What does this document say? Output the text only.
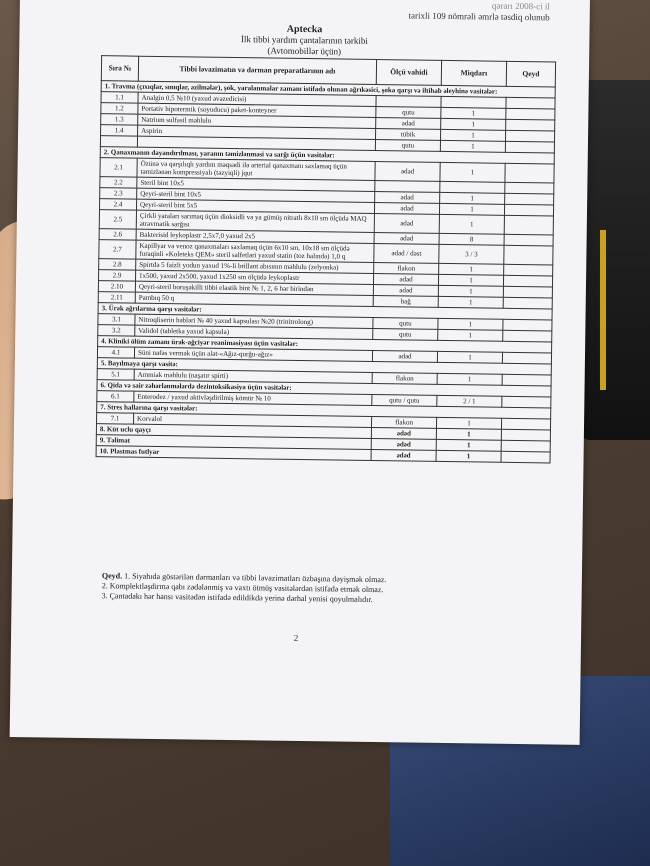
qərarı 2008-ci il
tarixli 109 nömrəli əmrlə təsdiq olunub
Aptecka
İlk tibbi yardım çantalarının tərkibi
(Avtomobillər üçün)
Sıra №	Tibbi ləvazimatın və dərman preparatlarının adı	Ölçü vahidi	Miqdarı	Qeyd
1. Travma (çıxıqlar, sınıqlar, əzilmələr), şok, yaralanmalar zamanı istifadə olunan ağrıkəsici, şoka qarşı və iltihab əleyhinə vasitələr:				
1.1	Analgin 0,5 №10 (yaxud əvəzedicisi)			
1.2	Portativ hipotermik (soyuducu) paket-konteyner	qutu	1	
1.3	Natrium sulfasil məhlulu	ədəd	1	
1.4	Aspirin	tübik	1	
		qutu	1	
2. Qanaxmanın dayandırılması, yaranın təmizlənməsi və sarğı üçün vasitələr:				
2.1	Özünə və qarşılıqlı yardım məqsədi ilə arterial qanaxmanı saxlamaq üçün təmizlənən kompressiyalı (təzyiqli) jqut	ədəd	1	
2.2	Steril bint 10x5			
2.3	Qeyri-steril bint 10x5	ədəd	1	
2.4	Qeyri-steril bint 5x5	ədəd	1	
2.5	Çirkli yaraları sarımaq üçün dioksidli və ya gümüş nitratlı 8x10 sm ölçüdə MAQ atravmatik sarğısı	ədəd	1	
2.6	Bakterisid leykoplastr 2,5x7,0 yaxud 2x5	ədəd	8	
2.7	Kapillyar və venoz qanaxmaları saxlamaq üçün 6x10 sm, 10x18 sm ölçüdə furaqinli «Koleteks QEM» steril salfetləri yaxud statin (toz halında) 1,0 q	ədəd / dəst	3 / 3	
2.8	Spirtdə 5 faizli yodun yaxud 1%-li brillant abısının məhlulu (zelyonka)	flakon	1	
2.9	1x500, yaxud 2x500, yaxud 1x250 sm ölçüdə leykoplastr	ədəd	1	
2.10	Qeyri-steril boruşəkilli tibbi elastik bint № 1, 2, 6 hər birindən	ədəd	1	
2.11	Pambıq 50 q	bağ	1	
3. Ürək ağrılarına qarşı vasitələr:				
3.1	Nitroqliserin həbləri № 40 yaxud kapsulası №20 (trinitrolong)	qutu	1	
3.2	Validol (tabletka yaxud kapsula)	qutu	1	
4. Kliniki ölüm zamanı ürək-ağciyər reanimasiyası üçün vasitələr:				
4.1	Süni nəfəs vermək üçün alət-«Ağız-qurğu-ağız»	ədəd	1	
5. Bayılmaya qarşı vasitə:				
5.1	Ammiak məhlulu (naşatır spirti)	flakon	1	
6. Qida və sair zəhərlənmələrdə dezintoksikasiya üçün vasitələr:				
6.1	Enterodez / yaxud aktivləşdirilmiş kömür № 10	qutu / qutu	2 / 1	
7. Stres hallarına qarşı vasitələr:				
7.1	Korvalol	flakon	1	
8. Küt uclu qayçı		ədəd	1	
9. Təlimat		ədəd	1	
10. Plastmas futlyar		ədəd	1	
Qeyd. 1. Siyahıda göstərilən dərmanları və tibbi ləvazimatları özbaşına dəyişmək olmaz.
2. Komplektləşdirmə qabı zədələnmiş və vaxtı ötmüş vasitələrdən istifadə etmək olmaz.
3. Çantadakı hər hansı vasitədən istifadə edildikdə yerinə dərhal yenisi qoyulmalıdır.
2
